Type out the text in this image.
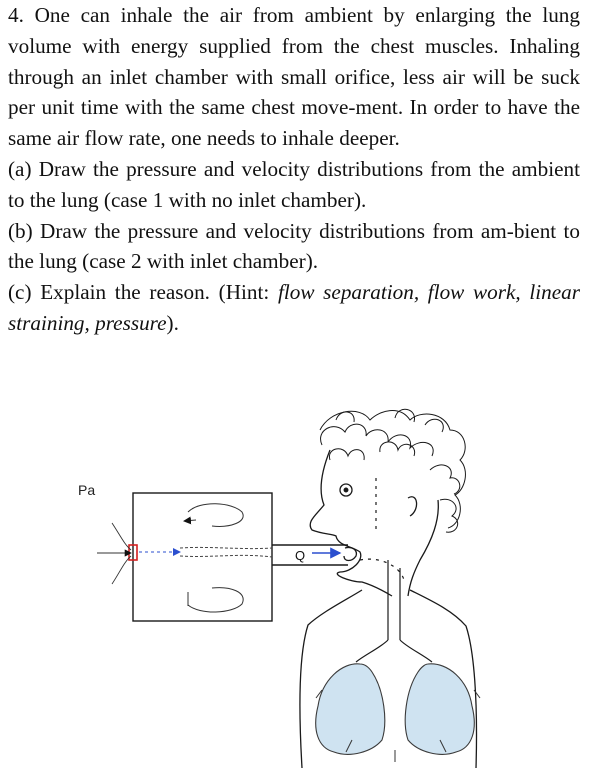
4. One can inhale the air from ambient by enlarging the lung volume with energy supplied from the chest muscles. Inhaling through an inlet chamber with small orifice, less air will be suck per unit time with the same chest move-ment. In order to have the same air flow rate, one needs to inhale deeper.

(a) Draw the pressure and velocity distributions from the ambient to the lung (case 1 with no inlet chamber).

(b) Draw the pressure and velocity distributions from am-bient to the lung (case 2 with inlet chamber).

(c) Explain the reason. (Hint: flow separation, flow work, linear straining, pressure).

Pa
Q
